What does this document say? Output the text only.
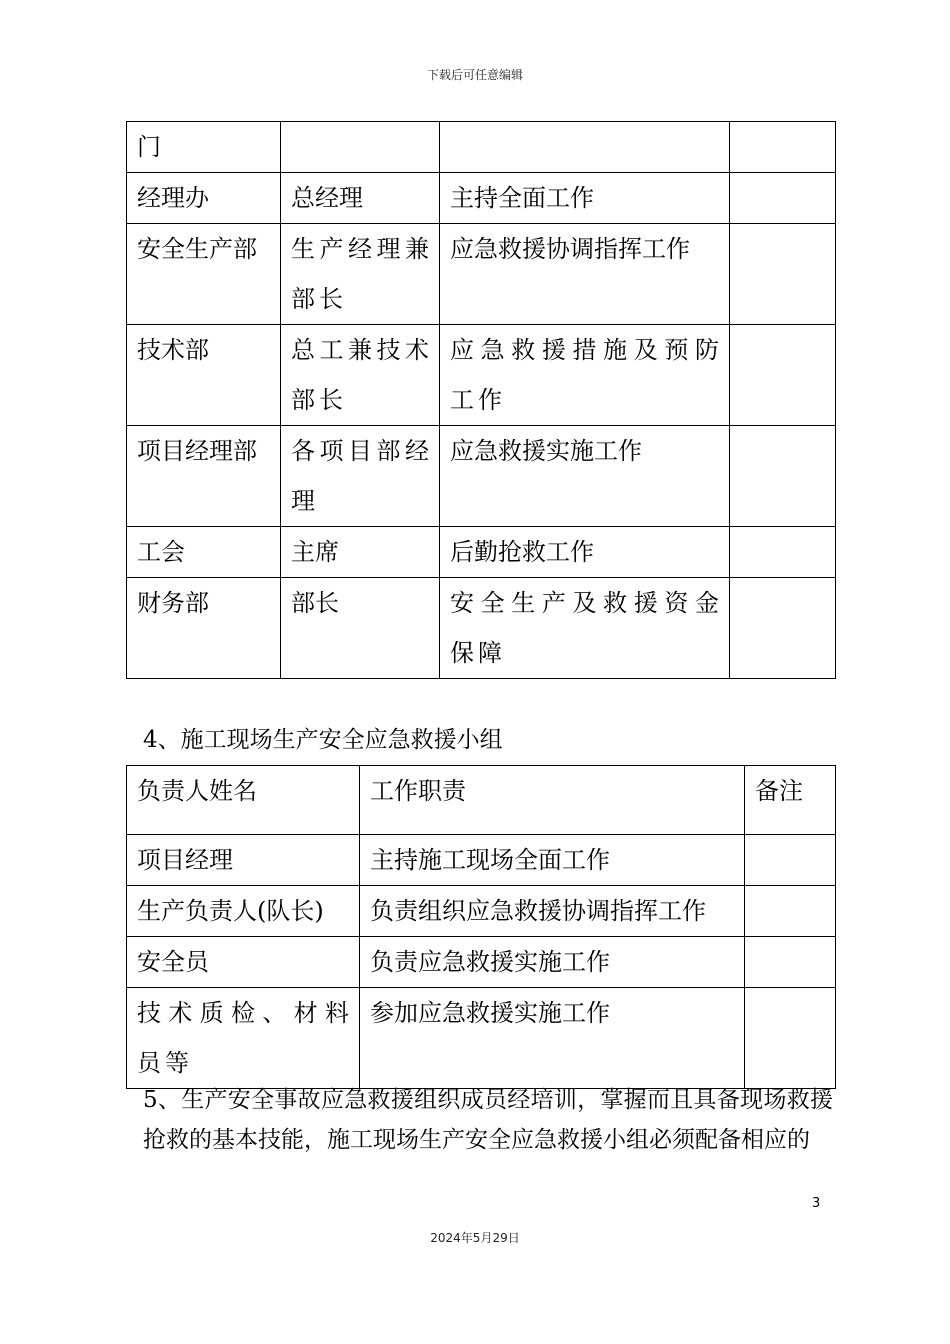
下载后可任意编辑
门			
经理办	总经理	主持全面工作	
安全生产部	生产经理兼部长	应急救援协调指挥工作	
技术部	总工兼技术部长	应急救援措施及预防工作	
项目经理部	各项目部经理	应急救援实施工作	
工会	主席	后勤抢救工作	
财务部	部长	安全生产及救援资金保障	
4、施工现场生产安全应急救援小组
负责人姓名	工作职责	备注
项目经理	主持施工现场全面工作	
生产负责人(队长)	负责组织应急救援协调指挥工作	
安全员	负责应急救援实施工作	
技术质检、材料员等	参加应急救援实施工作	
5、生产安全事故应急救援组织成员经培训，掌握而且具备现场救援抢救的基本技能，施工现场生产安全应急救援小组必须配备相应的
3
2024年5月29日
